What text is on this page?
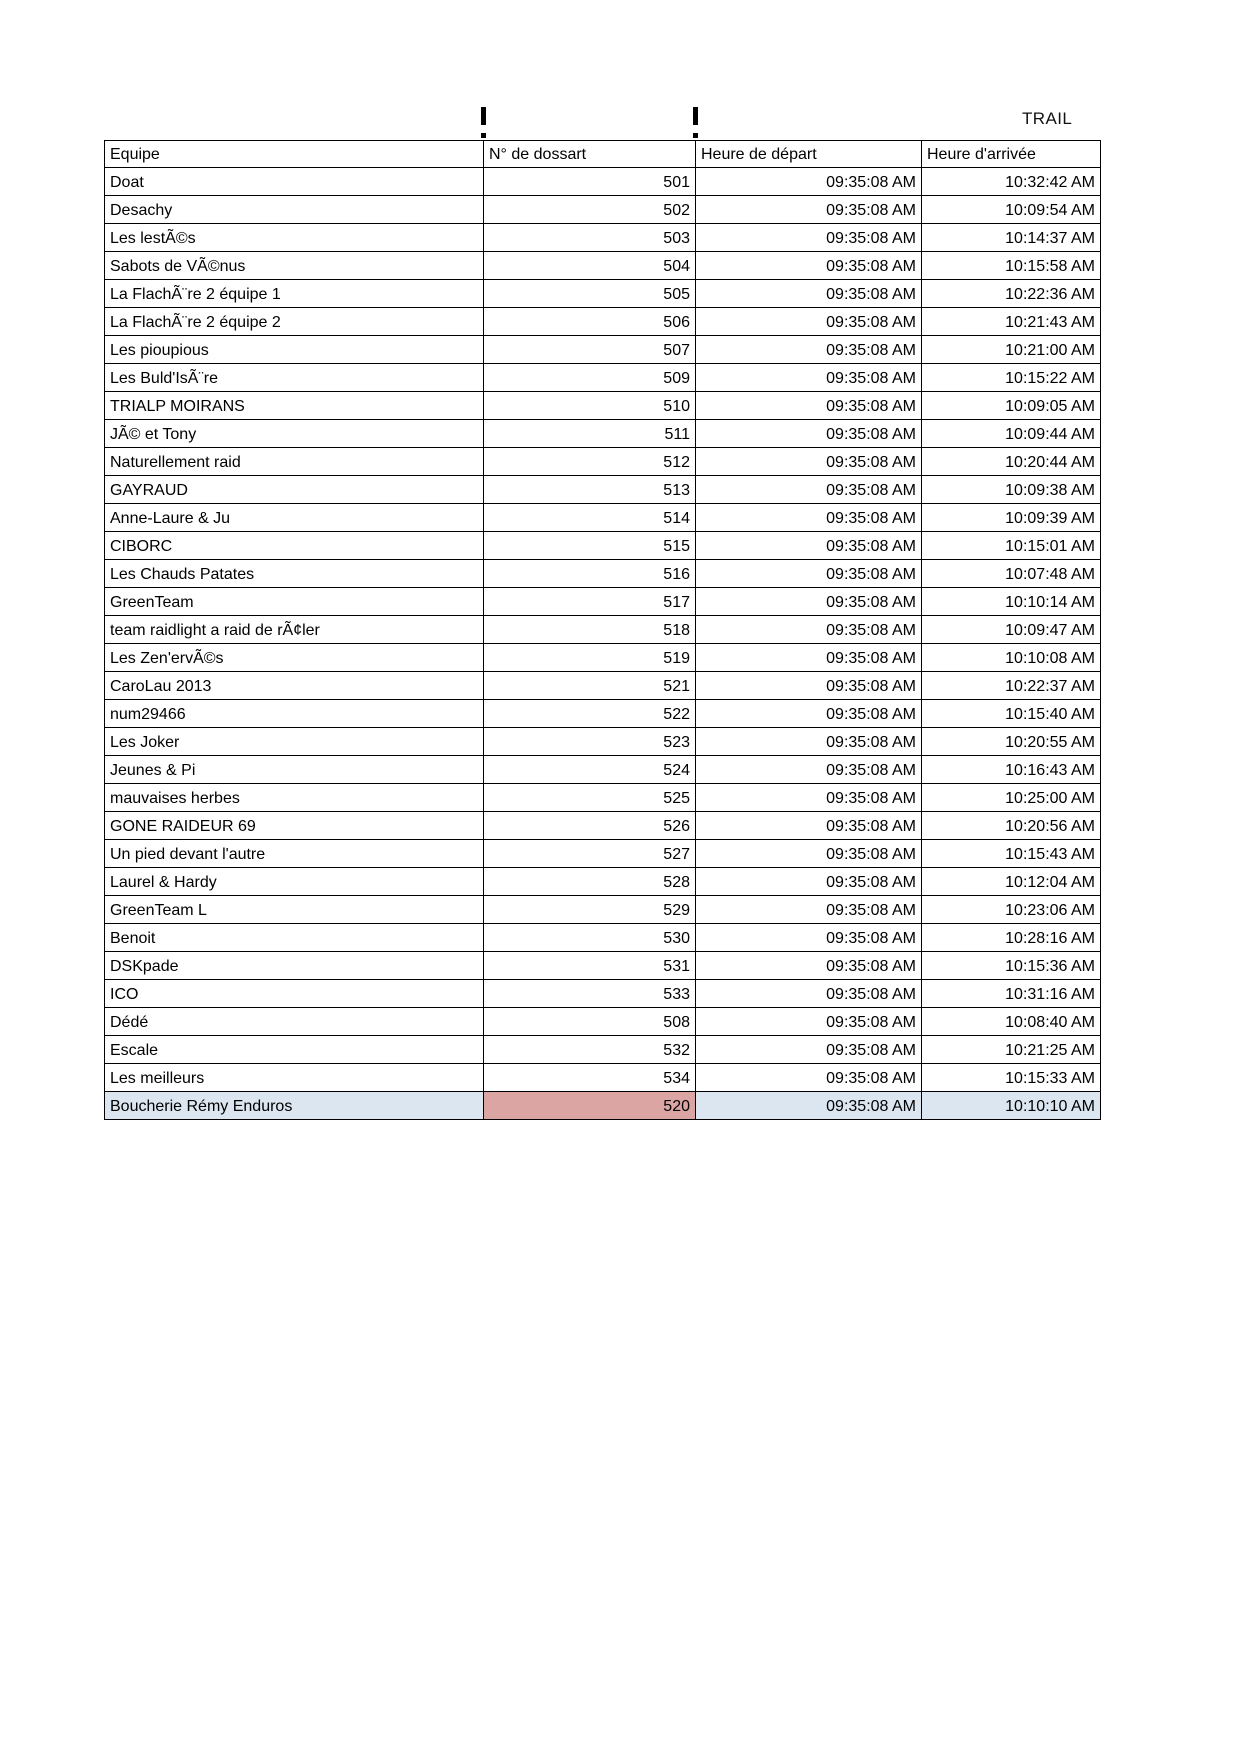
TRAIL
Equipe	N° de dossart	Heure de départ	Heure d'arrivée
Doat	501	09:35:08 AM	10:32:42 AM
Desachy	502	09:35:08 AM	10:09:54 AM
Les lestÃ©s	503	09:35:08 AM	10:14:37 AM
Sabots de VÃ©nus	504	09:35:08 AM	10:15:58 AM
La FlachÃ¨re 2 équipe 1	505	09:35:08 AM	10:22:36 AM
La FlachÃ¨re 2 équipe 2	506	09:35:08 AM	10:21:43 AM
Les pioupious	507	09:35:08 AM	10:21:00 AM
Les Buld'IsÃ¨re	509	09:35:08 AM	10:15:22 AM
TRIALP MOIRANS	510	09:35:08 AM	10:09:05 AM
JÃ© et Tony	511	09:35:08 AM	10:09:44 AM
Naturellement raid	512	09:35:08 AM	10:20:44 AM
GAYRAUD	513	09:35:08 AM	10:09:38 AM
Anne-Laure & Ju	514	09:35:08 AM	10:09:39 AM
CIBORC	515	09:35:08 AM	10:15:01 AM
Les Chauds Patates	516	09:35:08 AM	10:07:48 AM
GreenTeam	517	09:35:08 AM	10:10:14 AM
team raidlight a raid de rÃ¢ler	518	09:35:08 AM	10:09:47 AM
Les Zen'ervÃ©s	519	09:35:08 AM	10:10:08 AM
CaroLau 2013	521	09:35:08 AM	10:22:37 AM
num29466	522	09:35:08 AM	10:15:40 AM
Les Joker	523	09:35:08 AM	10:20:55 AM
Jeunes & Pi	524	09:35:08 AM	10:16:43 AM
mauvaises herbes	525	09:35:08 AM	10:25:00 AM
GONE RAIDEUR 69	526	09:35:08 AM	10:20:56 AM
Un pied devant l'autre	527	09:35:08 AM	10:15:43 AM
Laurel & Hardy	528	09:35:08 AM	10:12:04 AM
GreenTeam L	529	09:35:08 AM	10:23:06 AM
Benoit	530	09:35:08 AM	10:28:16 AM
DSKpade	531	09:35:08 AM	10:15:36 AM
ICO	533	09:35:08 AM	10:31:16 AM
Dédé	508	09:35:08 AM	10:08:40 AM
Escale	532	09:35:08 AM	10:21:25 AM
Les meilleurs	534	09:35:08 AM	10:15:33 AM
Boucherie Rémy Enduros	520	09:35:08 AM	10:10:10 AM
